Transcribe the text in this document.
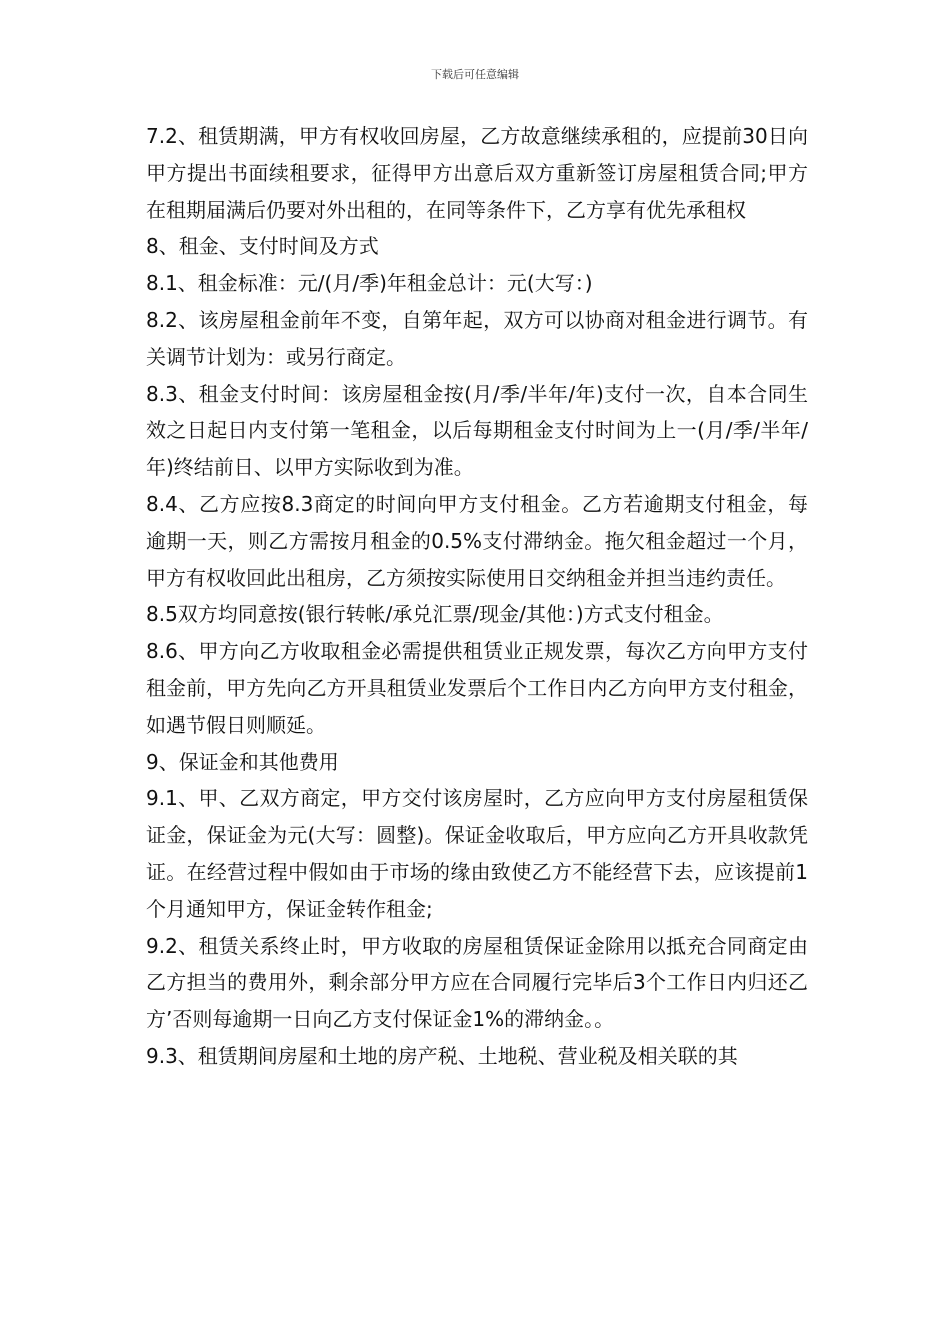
下载后可任意编辑

7.2、租赁期满，甲方有权收回房屋，乙方故意继续承租的，应提前30日向甲方提出书面续租要求，征得甲方出意后双方重新签订房屋租赁合同;甲方在租期届满后仍要对外出租的，在同等条件下，乙方享有优先承租权

8、租金、支付时间及方式

8.1、租金标准：元/(月/季)年租金总计：元(大写：)

8.2、该房屋租金前年不变，自第年起，双方可以协商对租金进行调节。有关调节计划为：或另行商定。

8.3、租金支付时间：该房屋租金按(月/季/半年/年)支付一次，自本合同生效之日起日内支付第一笔租金，以后每期租金支付时间为上一(月/季/半年/年)终结前日、以甲方实际收到为准。

8.4、乙方应按8.3商定的时间向甲方支付租金。乙方若逾期支付租金，每逾期一天，则乙方需按月租金的0.5%支付滞纳金。拖欠租金超过一个月，甲方有权收回此出租房，乙方须按实际使用日交纳租金并担当违约责任。

8.5双方均同意按(银行转帐/承兑汇票/现金/其他：)方式支付租金。

8.6、甲方向乙方收取租金必需提供租赁业正规发票，每次乙方向甲方支付租金前，甲方先向乙方开具租赁业发票后个工作日内乙方向甲方支付租金，如遇节假日则顺延。

9、保证金和其他费用

9.1、甲、乙双方商定，甲方交付该房屋时，乙方应向甲方支付房屋租赁保证金，保证金为元(大写：圆整)。保证金收取后，甲方应向乙方开具收款凭证。在经营过程中假如由于市场的缘由致使乙方不能经营下去，应该提前1个月通知甲方，保证金转作租金;

9.2、租赁关系终止时，甲方收取的房屋租赁保证金除用以抵充合同商定由乙方担当的费用外，剩余部分甲方应在合同履行完毕后3个工作日内归还乙方’否则每逾期一日向乙方支付保证金1%的滞纳金。。

9.3、租赁期间房屋和土地的房产税、土地税、营业税及相关联的其
